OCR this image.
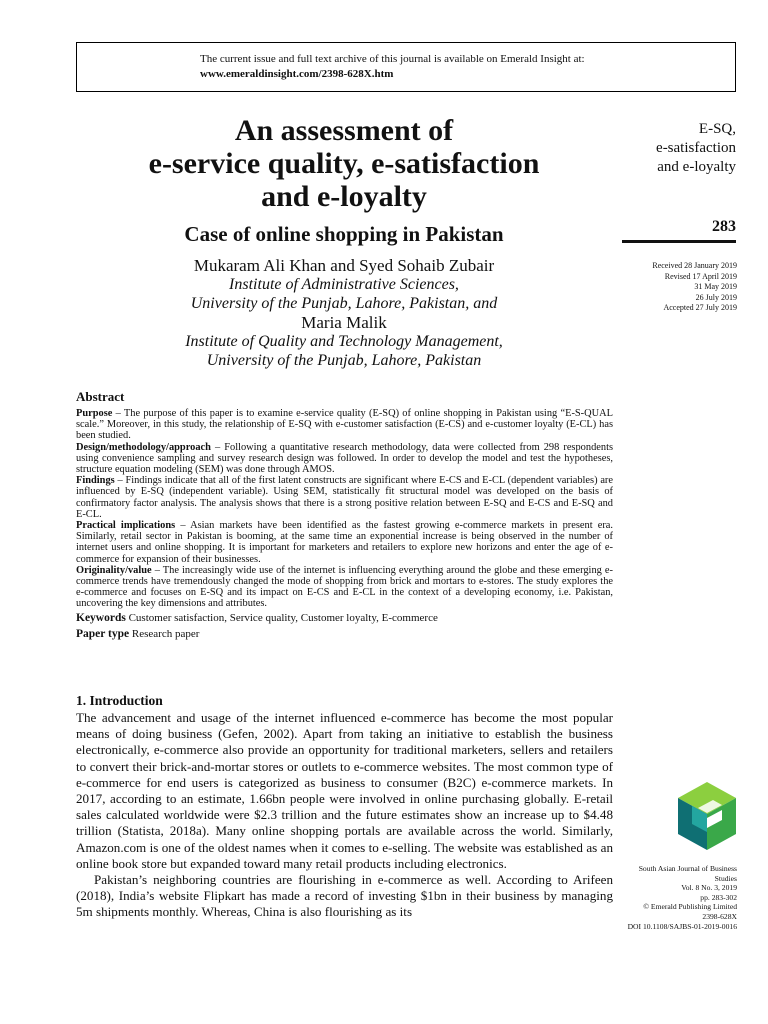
The current issue and full text archive of this journal is available on Emerald Insight at:
www.emeraldinsight.com/2398-628X.htm
An assessment of
e-service quality, e-satisfaction
and e-loyalty
Case of online shopping in Pakistan
Mukaram Ali Khan and Syed Sohaib Zubair
Institute of Administrative Sciences,
University of the Punjab, Lahore, Pakistan, and
Maria Malik
Institute of Quality and Technology Management,
University of the Punjab, Lahore, Pakistan
E-SQ,
e-satisfaction
and e-loyalty
283
Received 28 January 2019
Revised 17 April 2019
31 May 2019
26 July 2019
Accepted 27 July 2019
Abstract

Purpose – The purpose of this paper is to examine e-service quality (E-SQ) of online shopping in Pakistan using “E-S-QUAL scale.” Moreover, in this study, the relationship of E-SQ with e-customer satisfaction (E-CS) and e-customer loyalty (E-CL) has been studied.

Design/methodology/approach – Following a quantitative research methodology, data were collected from 298 respondents using convenience sampling and survey research design was followed. In order to develop the model and test the hypotheses, structure equation modeling (SEM) was done through AMOS.

Findings – Findings indicate that all of the first latent constructs are significant where E-CS and E-CL (dependent variables) are influenced by E-SQ (independent variable). Using SEM, statistically fit structural model was developed on the basis of confirmatory factor analysis. The analysis shows that there is a strong positive relation between E-SQ and E-CS and E-SQ and E-CL.

Practical implications – Asian markets have been identified as the fastest growing e-commerce markets in present era. Similarly, retail sector in Pakistan is booming, at the same time an exponential increase is being observed in the number of internet users and online shopping. It is important for marketers and retailers to explore new horizons and enter the age of e-commerce for expansion of their businesses.

Originality/value – The increasingly wide use of the internet is influencing everything around the globe and these emerging e-commerce trends have tremendously changed the mode of shopping from brick and mortars to e-stores. The study explores the e-commerce and focuses on E-SQ and its impact on E-CS and E-CL in the context of a developing economy, i.e. Pakistan, uncovering the key dimensions and attributes.

Keywords Customer satisfaction, Service quality, Customer loyalty, E-commerce

Paper type Research paper

1. Introduction

The advancement and usage of the internet influenced e-commerce has become the most popular means of doing business (Gefen, 2002). Apart from taking an initiative to establish the business electronically, e-commerce also provide an opportunity for traditional marketers, sellers and retailers to convert their brick-and-mortar stores or outlets to e-commerce websites. The most common type of e-commerce for end users is categorized as business to consumer (B2C) e-commerce markets. In 2017, according to an estimate, 1.66bn people were involved in online purchasing globally. E-retail sales calculated worldwide were $2.3 trillion and the future estimates show an increase up to $4.48 trillion (Statista, 2018a). Many online shopping portals are available across the world. Similarly, Amazon.com is one of the oldest names when it comes to e-selling. The website was established as an online book store but expanded toward many retail products including electronics.

Pakistan’s neighboring countries are flourishing in e-commerce as well. According to Arifeen (2018), India’s website Flipkart has made a record of investing $1bn in their business by managing 5m shipments monthly. Whereas, China is also flourishing as its

South Asian Journal of Business
Studies
Vol. 8 No. 3, 2019
pp. 283-302
© Emerald Publishing Limited
2398-628X
DOI 10.1108/SAJBS-01-2019-0016
